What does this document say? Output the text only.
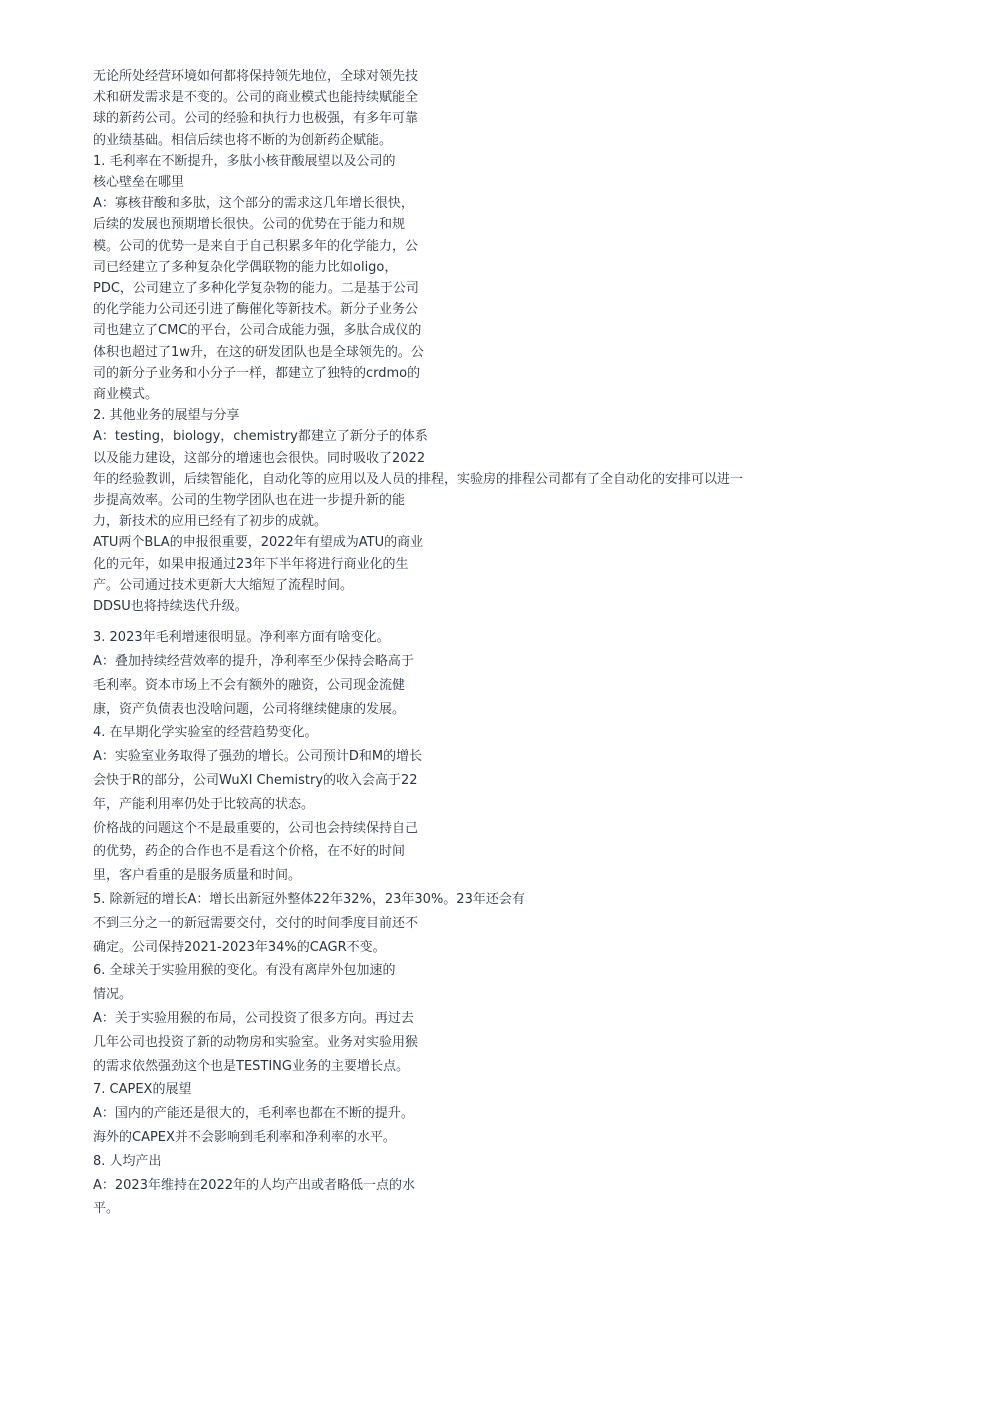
无论所处经营环境如何都将保持领先地位，全球对领先技
术和研发需求是不变的。公司的商业模式也能持续赋能全
球的新药公司。公司的经验和执行力也极强，有多年可靠
的业绩基础。相信后续也将不断的为创新药企赋能。
1. 毛利率在不断提升，多肽小核苷酸展望以及公司的
核心壁垒在哪里
A：寡核苷酸和多肽，这个部分的需求这几年增长很快，
后续的发展也预期增长很快。公司的优势在于能力和规
模。公司的优势一是来自于自己积累多年的化学能力，公
司已经建立了多种复杂化学偶联物的能力比如oligo，
PDC，公司建立了多种化学复杂物的能力。二是基于公司
的化学能力公司还引进了酶催化等新技术。新分子业务公
司也建立了CMC的平台，公司合成能力强，多肽合成仪的
体积也超过了1w升，在这的研发团队也是全球领先的。公
司的新分子业务和小分子一样，都建立了独特的crdmo的
商业模式。
2. 其他业务的展望与分享
A：testing，biology，chemistry都建立了新分子的体系
以及能力建设，这部分的增速也会很快。同时吸收了2022
年的经验教训，后续智能化，自动化等的应用以及人员的排程，实验房的排程公司都有了全自动化的安排可以进一
步提高效率。公司的生物学团队也在进一步提升新的能
力，新技术的应用已经有了初步的成就。
ATU两个BLA的申报很重要，2022年有望成为ATU的商业
化的元年，如果申报通过23年下半年将进行商业化的生
产。公司通过技术更新大大缩短了流程时间。
DDSU也将持续迭代升级。
3. 2023年毛利增速很明显。净利率方面有啥变化。
A：叠加持续经营效率的提升，净利率至少保持会略高于
毛利率。资本市场上不会有额外的融资，公司现金流健
康，资产负债表也没啥问题，公司将继续健康的发展。
4. 在早期化学实验室的经营趋势变化。
A：实验室业务取得了强劲的增长。公司预计D和M的增长
会快于R的部分，公司WuXI Chemistry的收入会高于22
年，产能利用率仍处于比较高的状态。
价格战的问题这个不是最重要的，公司也会持续保持自己
的优势，药企的合作也不是看这个价格，在不好的时间
里，客户看重的是服务质量和时间。
5. 除新冠的增长A：增长出新冠外整体22年32%，23年30%。23年还会有
不到三分之一的新冠需要交付，交付的时间季度目前还不
确定。公司保持2021-2023年34%的CAGR不变。
6. 全球关于实验用猴的变化。有没有离岸外包加速的
情况。
A：关于实验用猴的布局，公司投资了很多方向。再过去
几年公司也投资了新的动物房和实验室。业务对实验用猴
的需求依然强劲这个也是TESTING业务的主要增长点。
7. CAPEX的展望
A：国内的产能还是很大的，毛利率也都在不断的提升。
海外的CAPEX并不会影响到毛利率和净利率的水平。
8. 人均产出
A：2023年维持在2022年的人均产出或者略低一点的水
平。
